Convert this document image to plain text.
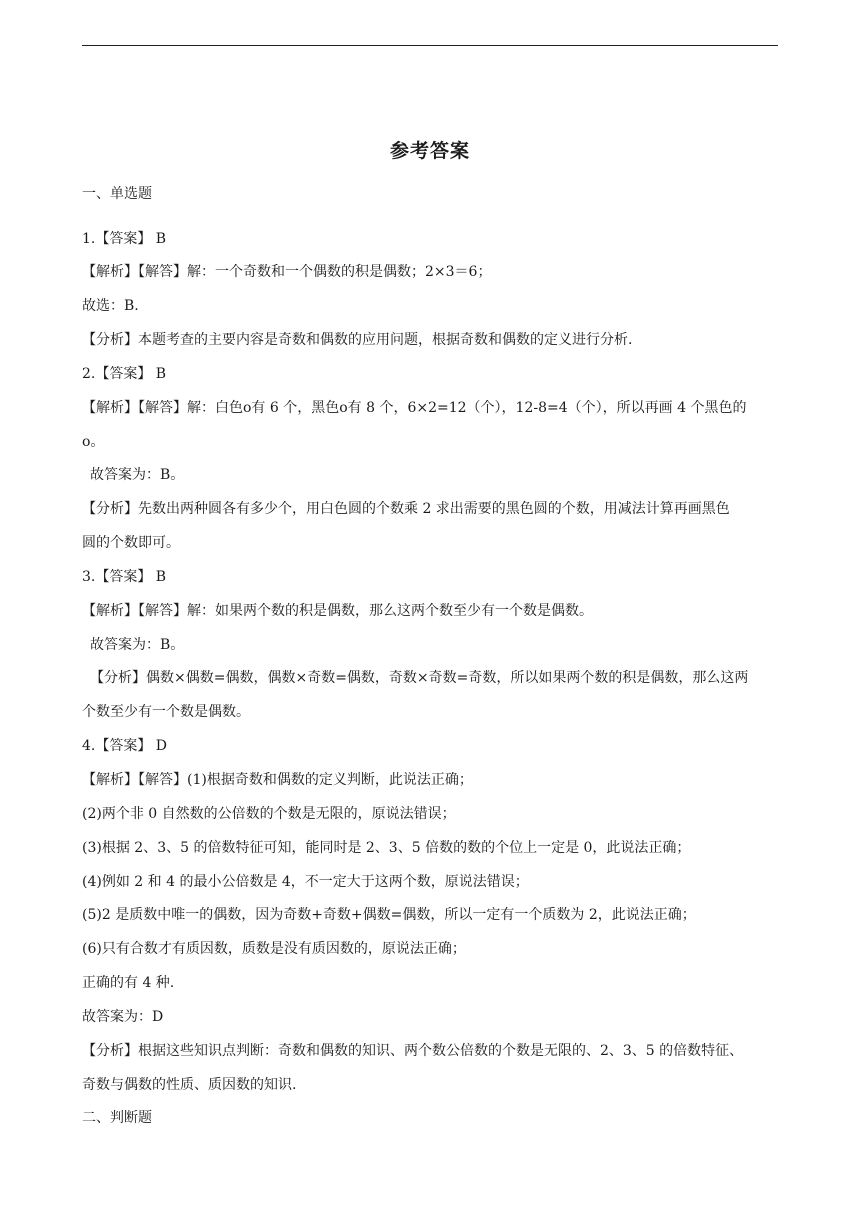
参考答案
一、单选题
1.【答案】 B
【解析】【解答】解：一个奇数和一个偶数的积是偶数；2×3＝6；
故选：B.
【分析】本题考查的主要内容是奇数和偶数的应用问题，根据奇数和偶数的定义进行分析.
2.【答案】 B
【解析】【解答】解：白色o有 6 个，黑色o有 8 个，6×2=12（个），12-8=4（个），所以再画 4 个黑色的
o。
故答案为：B。
【分析】先数出两种圆各有多少个，用白色圆的个数乘 2 求出需要的黑色圆的个数，用减法计算再画黑色
圆的个数即可。
3.【答案】 B
【解析】【解答】解：如果两个数的积是偶数，那么这两个数至少有一个数是偶数。
故答案为：B。
【分析】偶数×偶数=偶数，偶数×奇数=偶数，奇数×奇数=奇数，所以如果两个数的积是偶数，那么这两
个数至少有一个数是偶数。
4.【答案】 D
【解析】【解答】(1)根据奇数和偶数的定义判断，此说法正确；
(2)两个非 0 自然数的公倍数的个数是无限的，原说法错误；
(3)根据 2、3、5 的倍数特征可知，能同时是 2、3、5 倍数的数的个位上一定是 0，此说法正确；
(4)例如 2 和 4 的最小公倍数是 4，不一定大于这两个数，原说法错误；
(5)2 是质数中唯一的偶数，因为奇数+奇数+偶数=偶数，所以一定有一个质数为 2，此说法正确；
(6)只有合数才有质因数，质数是没有质因数的，原说法正确；
正确的有 4 种.
故答案为：D
【分析】根据这些知识点判断：奇数和偶数的知识、两个数公倍数的个数是无限的、2、3、5 的倍数特征、
奇数与偶数的性质、质因数的知识.
二、判断题
